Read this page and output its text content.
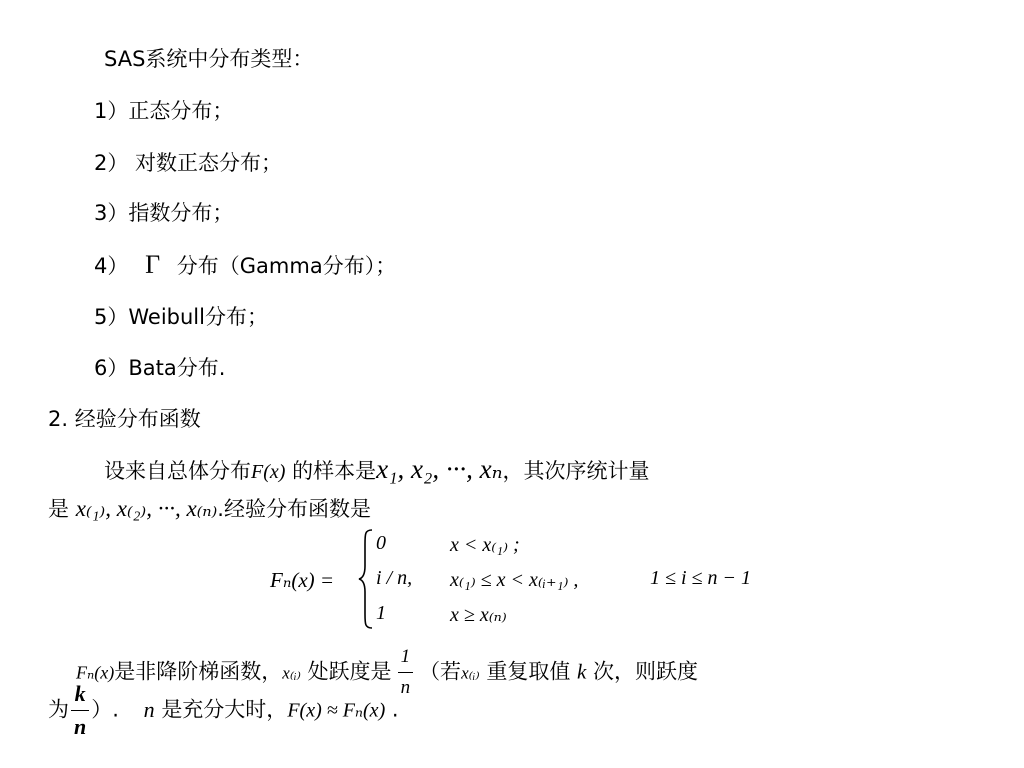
SAS系统中分布类型：
1）正态分布；
2） 对数正态分布；
3）指数分布；
4） Γ 分布（Gamma分布）；
5）Weibull分布；
6）Bata分布.
2. 经验分布函数
设来自总体分布F(x) 的样本是x₁, x₂, ···, xₙ，其次序统计量
是 x₍₁₎, x₍₂₎, ···, x₍ₙ₎.经验分布函数是
Fₙ(x) =
0	x < x₍₁₎ ;
i / n, x₍₁₎ ≤ x < x₍ᵢ₊₁₎ ,	1 ≤ i ≤ n − 1
1	x ≥ x₍ₙ₎
Fₙ(x)是非降阶梯函数，x₍ᵢ₎ 处跃度是 $\frac{1}{n}$ （若x₍ᵢ₎ 重复取值 k 次，则跃度
为 $\frac{k}{n}$ ）. n 是充分大时，F(x) ≈ Fₙ(x) .
